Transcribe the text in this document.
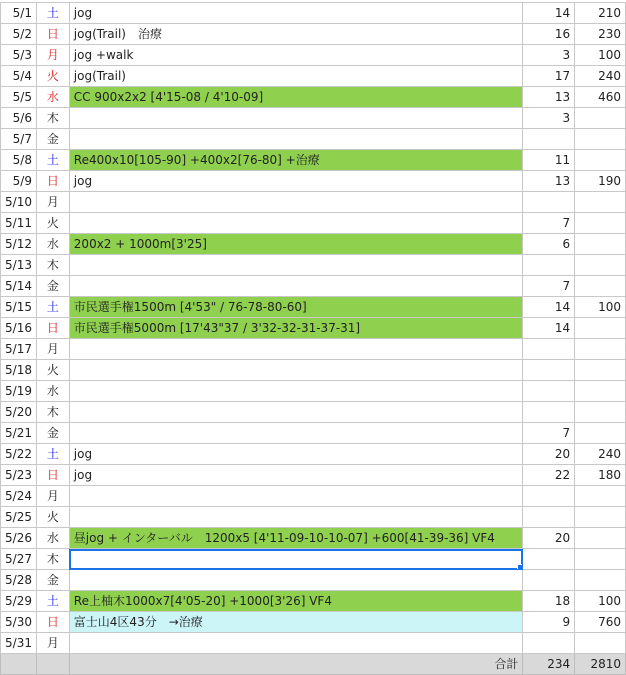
5/1	土	jog	14	210
5/2	日	jog(Trail)　治療	16	230
5/3	月	jog +walk	3	100
5/4	火	jog(Trail)	17	240
5/5	水	CC 900x2x2 [4'15-08 / 4'10-09]	13	460
5/6	木		3	
5/7	金			
5/8	土	Re400x10[105-90] +400x2[76-80] +治療	11	
5/9	日	jog	13	190
5/10	月			
5/11	火		7	
5/12	水	200x2 + 1000m[3'25]	6	
5/13	木			
5/14	金		7	
5/15	土	市民選手権1500m [4'53" / 76-78-80-60]	14	100
5/16	日	市民選手権5000m [17'43"37 / 3'32-32-31-37-31]	14	
5/17	月			
5/18	火			
5/19	水			
5/20	木			
5/21	金		7	
5/22	土	jog	20	240
5/23	日	jog	22	180
5/24	月			
5/25	火			
5/26	水	昼jog + インターバル　1200x5 [4'11-09-10-10-07] +600[41-39-36] VF4	20	
5/27	木	

5/28	金			
5/29	土	Re上柚木1000x7[4'05-20] +1000[3'26] VF4	18	100
5/30	日	富士山4区43分　→治療	9	760
5/31	月			
		合計	234	2810
